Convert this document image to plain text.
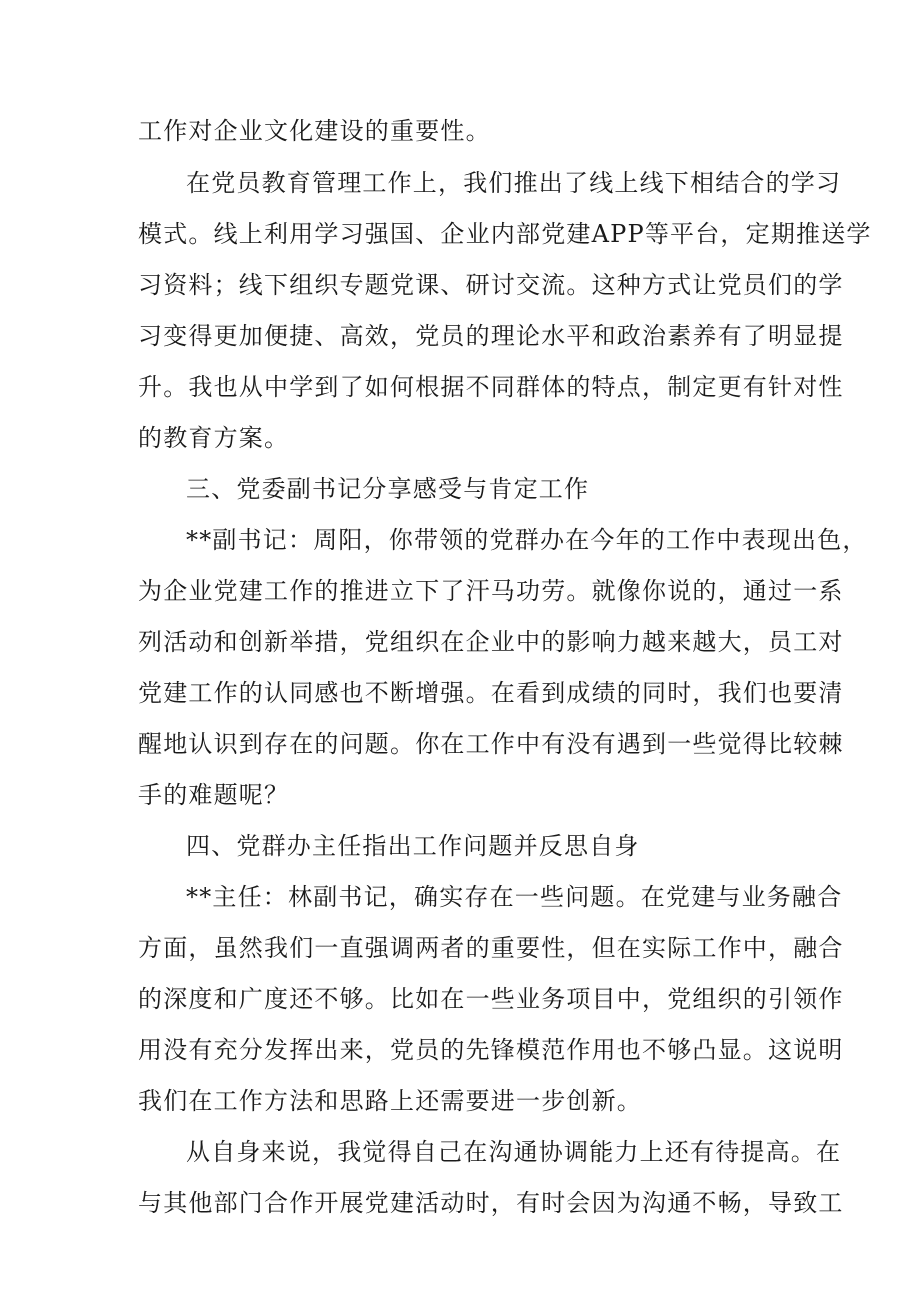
工作对企业文化建设的重要性。
在党员教育管理工作上，我们推出了线上线下相结合的学习
模式。线上利用学习强国、企业内部党建APP等平台，定期推送学
习资料；线下组织专题党课、研讨交流。这种方式让党员们的学
习变得更加便捷、高效，党员的理论水平和政治素养有了明显提
升。我也从中学到了如何根据不同群体的特点，制定更有针对性
的教育方案。
三、党委副书记分享感受与肯定工作
**副书记：周阳，你带领的党群办在今年的工作中表现出色，
为企业党建工作的推进立下了汗马功劳。就像你说的，通过一系
列活动和创新举措，党组织在企业中的影响力越来越大，员工对
党建工作的认同感也不断增强。在看到成绩的同时，我们也要清
醒地认识到存在的问题。你在工作中有没有遇到一些觉得比较棘
手的难题呢？
四、党群办主任指出工作问题并反思自身
**主任：林副书记，确实存在一些问题。在党建与业务融合
方面，虽然我们一直强调两者的重要性，但在实际工作中，融合
的深度和广度还不够。比如在一些业务项目中，党组织的引领作
用没有充分发挥出来，党员的先锋模范作用也不够凸显。这说明
我们在工作方法和思路上还需要进一步创新。
从自身来说，我觉得自己在沟通协调能力上还有待提高。在
与其他部门合作开展党建活动时，有时会因为沟通不畅，导致工
